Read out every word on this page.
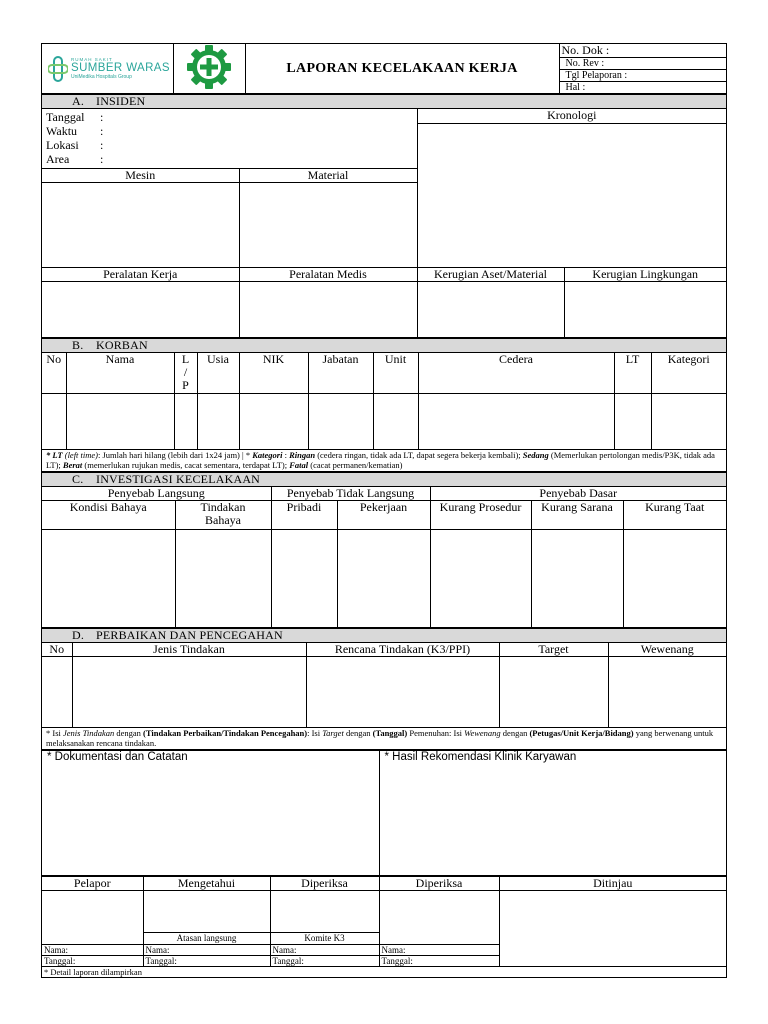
RUMAH SAKIT
SUMBER WARAS
UniMedika Hospitals Group
		LAPORAN KECELAKAAN KERJA	No. Dok :
No. Rev :
Tgl Pelaporan :
Hal :
A. INSIDEN			

Tanggal :
Waktu :
Lokasi :
Area :		Kronologi	

Mesin	Material		

Peralatan Kerja	Peralatan Medis	Kerugian Aset/Material	Kerugian Lingkungan

B. KORBAN									
No	Nama	L
/
P	Usia	NIK	Jabatan	Unit	Cedera	LT	Kategori

* LT (left time): Jumlah hari hilang (lebih dari 1x24 jam) | * Kategori : Ringan (cedera ringan, tidak ada LT, dapat segera bekerja kembali); Sedang (Memerlukan pertolongan medis/P3K, tidak ada LT); Berat (memerlukan rujukan medis, cacat sementara, terdapat LT); Fatal (cacat permanen/kematian)									
C. INVESTIGASI KECELAKAAN						
Penyebab Langsung		Penyebab Tidak Langsung		Penyebab Dasar		
Kondisi Bahaya	Tindakan Bahaya	Pribadi	Pekerjaan	Kurang Prosedur	Kurang Sarana	Kurang Taat

D. PERBAIKAN DAN PENCEGAHAN				
No	Jenis Tindakan	Rencana Tindakan (K3/PPI)	Target	Wewenang

* Isi Jenis Tindakan dengan (Tindakan Perbaikan/Tindakan Pencegahan): Isi Target dengan (Tanggal) Pemenuhan: Isi Wewenang dengan (Petugas/Unit Kerja/Bidang) yang berwenang untuk melaksanakan rencana tindakan.				
* Dokumentasi dan Catatan	* Hasil Rekomendasi Klinik Karyawan
Pelapor	Mengetahui	Diperiksa	Diperiksa	Ditinjau

	Atasan langsung	Komite K3		
Nama:	Nama:	Nama:	Nama:	
Tanggal:	Tanggal:	Tanggal:	Tanggal:	
* Detail laporan dilampirkan				
